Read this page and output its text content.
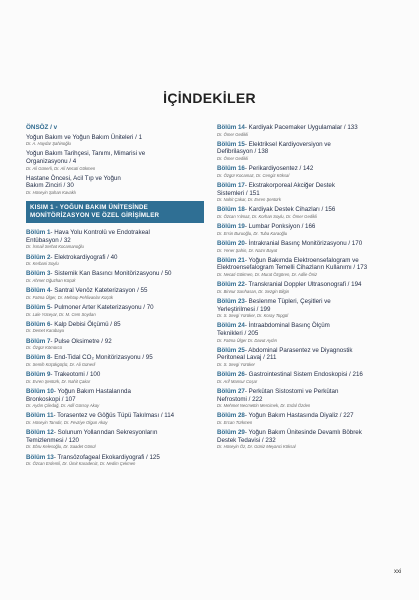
İÇİNDEKİLER
ÖNSÖZ / v
Yoğun Bakım ve Yoğun Bakım Üniteleri / 1
Dr. A. Haydar Şahinoğlu
Yoğun Bakım Tarihçesi, Tanımı, Mimarisi ve
Organizasyonu / 4
Dr. Ali Günerli, Dr. Ali Necati Gökmen
Hastane Öncesi, Acil Tıp ve Yoğun
Bakım Zinciri / 30
Dr. Hüseyin Şahan Kavaklı
KISIM 1 - YOĞUN BAKIM ÜNİTESİNDE
MONİTÖRİZASYON VE ÖZEL GİRİŞİMLER
Bölüm 1- Hava Yolu Kontrolü ve Endotrakeal
Entübasyon / 32
Dr. İsmail Serhat Kocamanoğlu
Bölüm 2- Elektrokardiyografi / 40
Dr. Kerbani Soylu
Bölüm 3- Sistemik Kan Basıncı Monitörizasyonu / 50
Dr. Ahmet Oğuzhan Küçük
Bölüm 4- Santral Venöz Kateterizasyon / 55
Dr. Fatma Ülger, Dr. Mehtap Pehlivanlar Küçük
Bölüm 5- Pulmoner Arter Kateterizasyonu / 70
Dr. Lale Yüceyar, Dr. M. Cem Soydan
Bölüm 6- Kalp Debisi Ölçümü / 85
Dr. Demet Karabaya
Bölüm 7- Pulse Oksimetre / 92
Dr. Özgür Kömürcü
Bölüm 8- End-Tidal CO₂ Monitörizasyonu / 95
Dr. Semih Küçükgüçlü, Dr. Ali Günerli
Bölüm 9- Trakeotomi / 100
Dr. Evren Şentürk, Dr. Nahit Çakar
Bölüm 10- Yoğun Bakım Hastalarında
Bronkoskopi / 107
Dr. Aydın Çiledağ, Dr. Adil Gürsoy Akay
Bölüm 11- Torasentez ve Göğüs Tüpü Takılması / 114
Dr. Hüseyin Tanıdır, Dr. Fevziye Olgun Akay
Bölüm 12- Solunum Yollarından Sekresyonların
Temizlenmesi / 120
Dr. Ebru Kelesoğlu, Dr. Saadet Gönül
Bölüm 13- Transözofageal Ekokardiyografi / 125
Dr. Özcan Erdemli, Dr. Ümit Karadeniz, Dr. Nedim Çekmen
Bölüm 14- Kardiyak Pacemaker Uygulamalar / 133
Dr. Ömer Gedikli
Bölüm 15- Elektriksel Kardiyoversiyon ve
Defibrilasyon / 138
Dr. Ömer Gedikli
Bölüm 16- Perikardiyosentez / 142
Dr. Özgür Kocamaz, Dr. Cengiz Köksal
Bölüm 17- Ekstrakorporeal Akciğer Destek
Sistemleri / 151
Dr. Nahit Çakar, Dr. Evren Şentürk
Bölüm 18- Kardiyak Destek Cihazları / 156
Dr. Özcan Yılmaz, Dr. Korhan Soylu, Dr. Ömer Gedikli
Bölüm 19- Lumbar Ponksiyon / 166
Dr. Ersin Buruoğlu, Dr. Tuba Karaoğlu
Bölüm 20- İntrakranial Basınç Monitörizasyonu / 170
Dr. Yener Şahin, Dr. Nazır Bayat
Bölüm 21- Yoğun Bakımda Elektroensefalogram ve
Elektroensefalogram Temelli Cihazların Kullanımı / 173
Dr. Necati Gökmen, Dr. Murat Özgören, Dr. Adile Öniz
Bölüm 22- Transkranial Doppler Ultrasonografi / 194
Dr. Binnur Sarıhasan, Dr. Sezgin Bilgin
Bölüm 23- Beslenme Tüpleri, Çeşitleri ve
Yerleştirilmesi / 199
Dr. S. Sevgi Yürüker, Dr. Koray Topgül
Bölüm 24- İntraabdominal Basınç Ölçüm
Teknikleri / 205
Dr. Fatma Ülger Dr. Davut Aydın
Bölüm 25- Abdominal Parasentez ve Diyagnostik
Peritoneal Lavaj / 211
Dr. S. Sevgi Yürüker
Bölüm 26- Gastrointestinal Sistem Endoskopisi / 216
Dr. Arif Mansur Coşar
Bölüm 27- Perkütan Sistostomi ve Perkütan
Nefrostomi / 222
Dr. Mehmet Necmettin Mercimek, Dr. Erdal Özden
Bölüm 28- Yoğun Bakım Hastasında Diyaliz / 227
Dr. Ercan Türkmen
Bölüm 29- Yoğun Bakım Ünitesinde Devamlı Böbrek
Destek Tedavisi / 232
Dr. Hüseyin Öz, Dr. Güniz Meyanci Köksal
xxi
